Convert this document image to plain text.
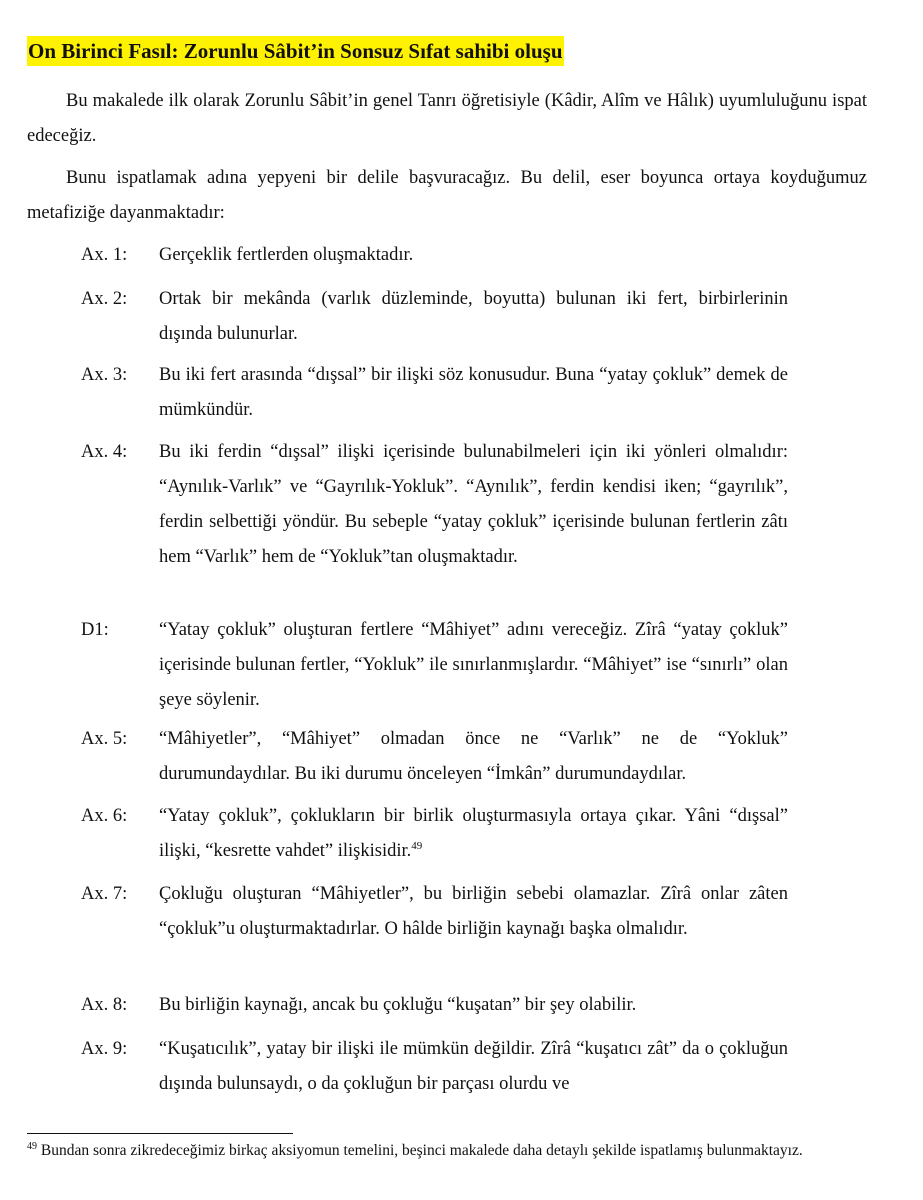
On Birinci Fasıl: Zorunlu Sâbit’in Sonsuz Sıfat sahibi oluşu

Bu makalede ilk olarak Zorunlu Sâbit’in genel Tanrı öğretisiyle (Kâdir, Alîm ve Hâlık) uyumluluğunu ispat edeceğiz.

Bunu ispatlamak adına yepyeni bir delile başvuracağız. Bu delil, eser boyunca ortaya koyduğumuz metafiziğe dayanmaktadır:

Ax. 1:	Gerçeklik fertlerden oluşmaktadır.
Ax. 2:	Ortak bir mekânda (varlık düzleminde, boyutta) bulunan iki fert, birbirlerinin dışında bulunurlar.
Ax. 3:	Bu iki fert arasında “dışsal” bir ilişki söz konusudur. Buna “yatay çokluk” demek de mümkündür.
Ax. 4:	Bu iki ferdin “dışsal” ilişki içerisinde bulunabilmeleri için iki yönleri olmalıdır: “Aynılık-Varlık” ve “Gayrılık-Yokluk”. “Aynılık”, ferdin kendisi iken; “gayrılık”, ferdin selbettiği yöndür. Bu sebeple “yatay çokluk” içerisinde bulunan fertlerin zâtı hem “Varlık” hem de “Yokluk”tan oluşmaktadır.
D1:	“Yatay çokluk” oluşturan fertlere “Mâhiyet” adını vereceğiz. Zîrâ “yatay çokluk” içerisinde bulunan fertler, “Yokluk” ile sınırlanmışlardır. “Mâhiyet” ise “sınırlı” olan şeye söylenir.
Ax. 5:	“Mâhiyetler”, “Mâhiyet” olmadan önce ne “Varlık” ne de “Yokluk” durumundaydılar. Bu iki durumu önceleyen “İmkân” durumundaydılar.
Ax. 6:	“Yatay çokluk”, çoklukların bir birlik oluşturmasıyla ortaya çıkar. Yâni “dışsal” ilişki, “kesrette vahdet” ilişkisidir.$^{49}$
Ax. 7:	Çokluğu oluşturan “Mâhiyetler”, bu birliğin sebebi olamazlar. Zîrâ onlar zâten “çokluk”u oluşturmaktadırlar. O hâlde birliğin kaynağı başka olmalıdır.
Ax. 8:	Bu birliğin kaynağı, ancak bu çokluğu “kuşatan” bir şey olabilir.
Ax. 9:	“Kuşatıcılık”, yatay bir ilişki ile mümkün değildir. Zîrâ “kuşatıcı zât” da o çokluğun dışında bulunsaydı, o da çokluğun bir parçası olurdu ve
$^{49}$ Bundan sonra zikredeceğimiz birkaç aksiyomun temelini, beşinci makalede daha detaylı şekilde ispatlamış bulunmaktayız.
